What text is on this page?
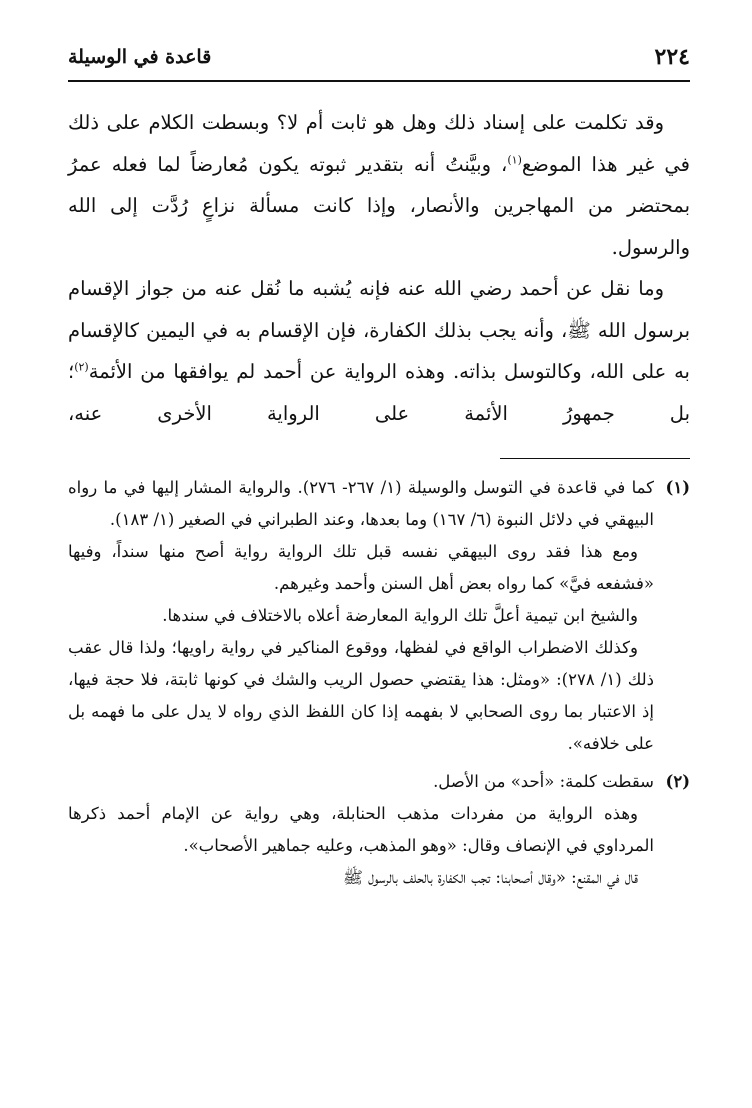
٢٢٤
قاعدة في الوسيلة

وقد تكلمت على إسناد ذلك وهل هو ثابت أم لا؟ وبسطت الكلام على ذلك في غير هذا الموضع$^{(١)}$، وبيَّنتُ أنه بتقدير ثبوته يكون مُعارضاً لما فعله عمرُ بمحتضر من المهاجرين والأنصار، وإذا كانت مسألة نزاعٍ رُدَّت إلى الله والرسول.

وما نقل عن أحمد رضي الله عنه فإنه يُشبه ما نُقل عنه من جواز الإقسام برسول الله ﷺ، وأنه يجب بذلك الكفارة، فإن الإقسام به في اليمين كالإقسام به على الله، وكالتوسل بذاته. وهذه الرواية عن أحمد لم يوافقها من الأئمة$^{(٢)}$؛ بل جمهورُ الأئمة على الرواية الأخرى عنه،

(١)

كما في قاعدة في التوسل والوسيلة (١/ ٢٦٧- ٢٧٦). والرواية المشار إليها في ما رواه البيهقي في دلائل النبوة (٦/ ١٦٧) وما بعدها، وعند الطبراني في الصغير (١/ ١٨٣).

ومع هذا فقد روى البيهقي نفسه قبل تلك الرواية رواية أصح منها سنداً، وفيها «فشفعه فيَّ» كما رواه بعض أهل السنن وأحمد وغيرهم.

والشيخ ابن تيمية أعلَّ تلك الرواية المعارضة أعلاه بالاختلاف في سندها.

وكذلك الاضطراب الواقع في لفظها، ووقوع المناكير في رواية راويها؛ ولذا قال عقب ذلك (١/ ٢٧٨): «ومثل: هذا يقتضي حصول الريب والشك في كونها ثابتة، فلا حجة فيها، إذ الاعتبار بما روى الصحابي لا بفهمه إذا كان اللفظ الذي رواه لا يدل على ما فهمه بل على خلافه».

(٢)

سقطت كلمة: «أحد» من الأصل.

وهذه الرواية من مفردات مذهب الحنابلة، وهي رواية عن الإمام أحمد ذكرها المرداوي في الإنصاف وقال: «وهو المذهب، وعليه جماهير الأصحاب».

قال في المقنع: «وقال أصحابنا: تجب الكفارة بالحلف بالرسول ﷺ
